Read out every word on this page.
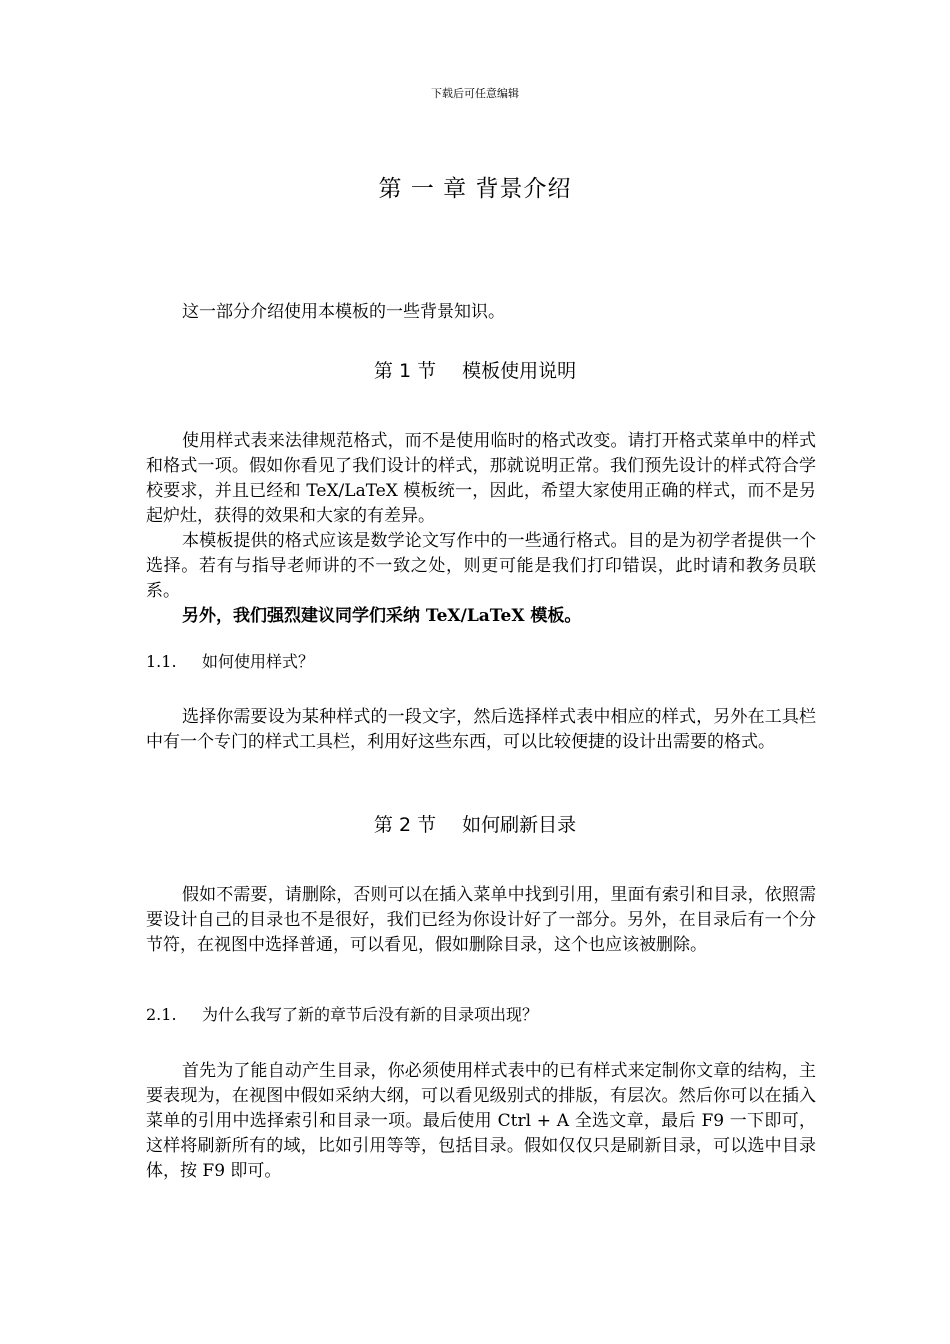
下载后可任意编辑
第 一 章 背景介绍

这一部分介绍使用本模板的一些背景知识。

第 1 节 模板使用说明

使用样式表来法律规范格式，而不是使用临时的格式改变。请打开格式菜单中的样式和格式一项。假如你看见了我们设计的样式，那就说明正常。我们预先设计的样式符合学校要求，并且已经和 TeX/LaTeX 模板统一，因此，希望大家使用正确的样式，而不是另起炉灶，获得的效果和大家的有差异。

本模板提供的格式应该是数学论文写作中的一些通行格式。目的是为初学者提供一个选择。若有与指导老师讲的不一致之处，则更可能是我们打印错误，此时请和教务员联系。

另外，我们强烈建议同学们采纳 TeX/LaTeX 模板。

1.1. 如何使用样式？

选择你需要设为某种样式的一段文字，然后选择样式表中相应的样式，另外在工具栏中有一个专门的样式工具栏，利用好这些东西，可以比较便捷的设计出需要的格式。

第 2 节 如何刷新目录

假如不需要，请删除，否则可以在插入菜单中找到引用，里面有索引和目录，依照需要设计自己的目录也不是很好，我们已经为你设计好了一部分。另外，在目录后有一个分节符，在视图中选择普通，可以看见，假如删除目录，这个也应该被删除。

2.1. 为什么我写了新的章节后没有新的目录项出现？

首先为了能自动产生目录，你必须使用样式表中的已有样式来定制你文章的结构，主要表现为，在视图中假如采纳大纲，可以看见级别式的排版，有层次。然后你可以在插入菜单的引用中选择索引和目录一项。最后使用 Ctrl + A 全选文章，最后 F9 一下即可，这样将刷新所有的域，比如引用等等，包括目录。假如仅仅只是刷新目录，可以选中目录体，按 F9 即可。
